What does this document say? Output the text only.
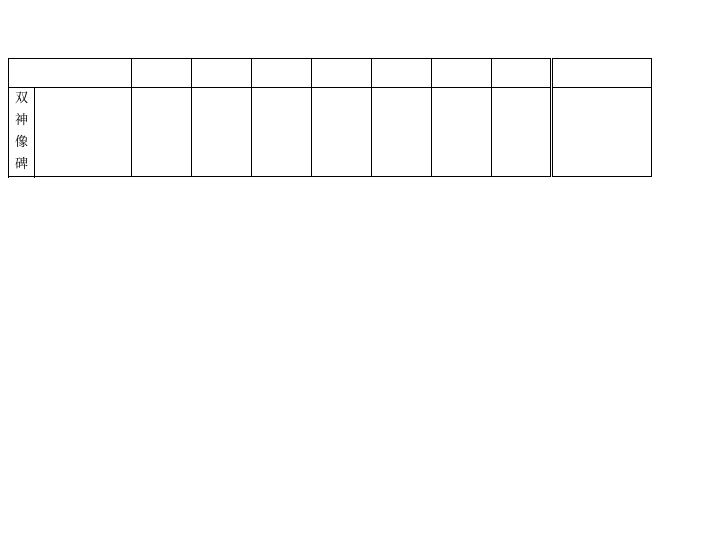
双
神
像
碑									
